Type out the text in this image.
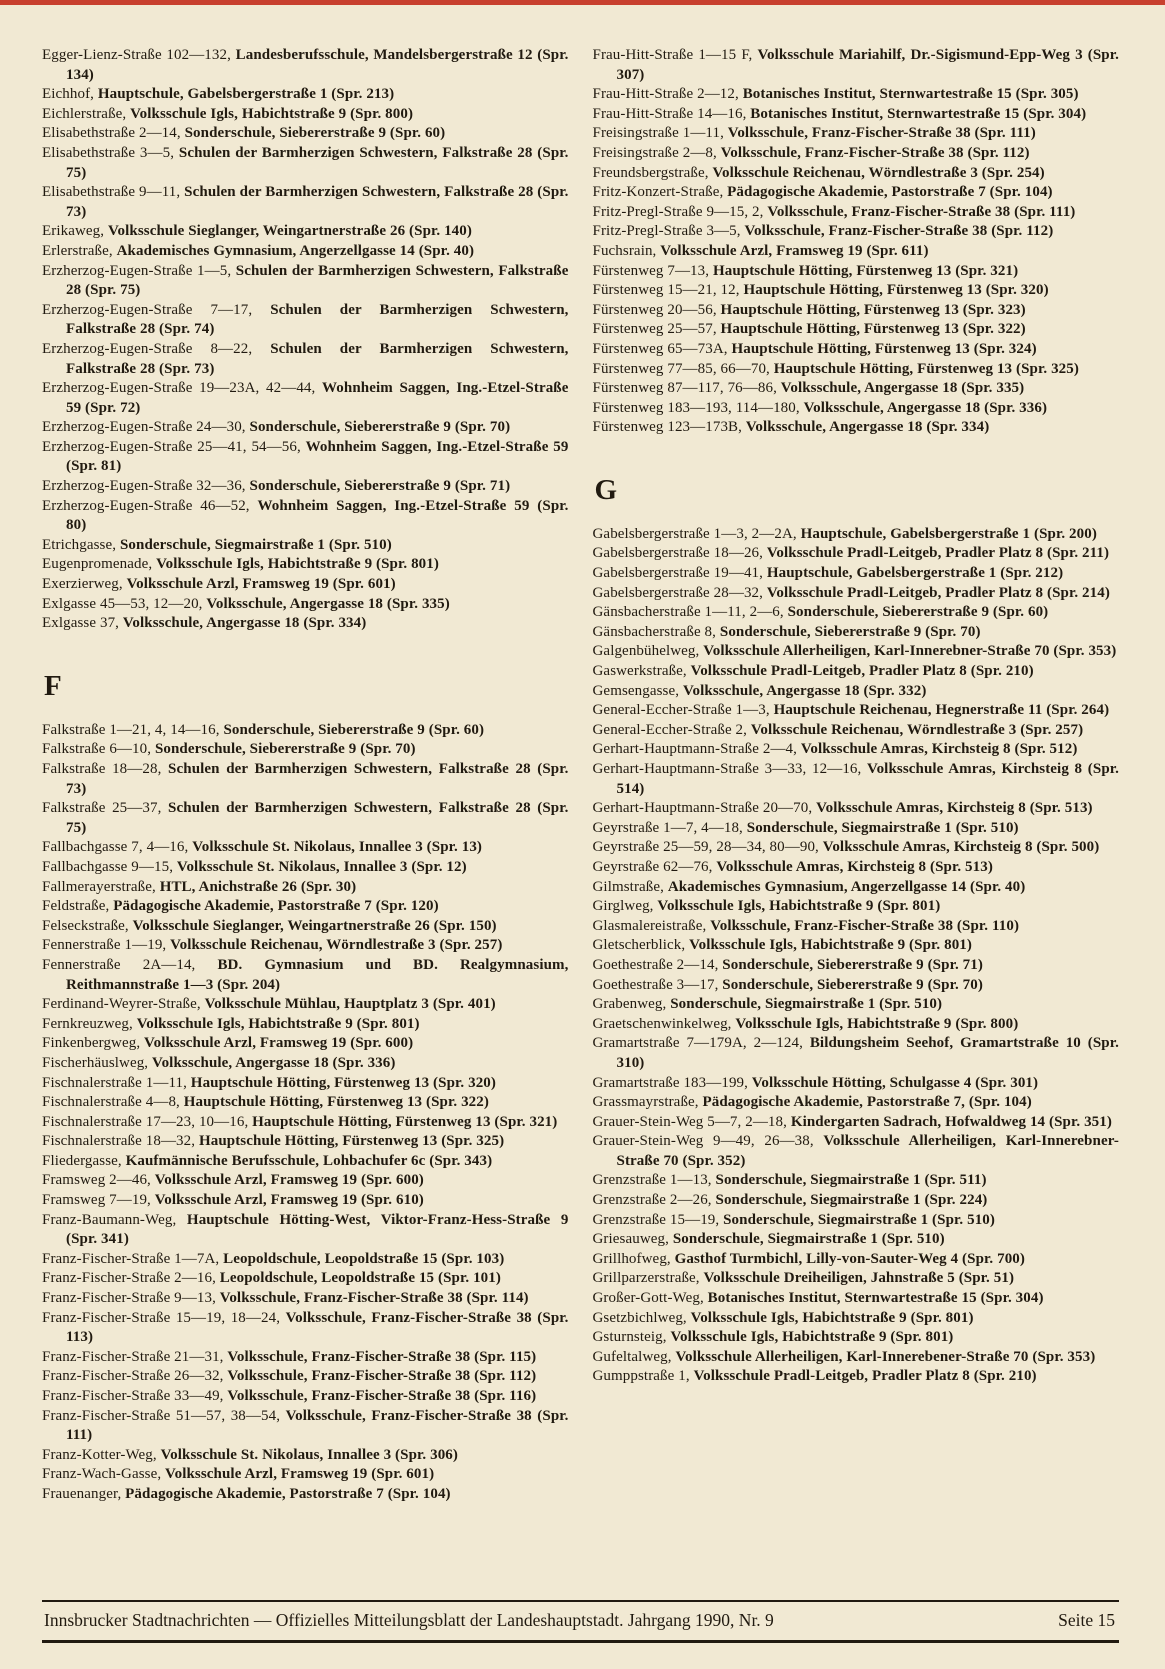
Egger-Lienz-Straße 102—132, Landesberufsschule, Mandelsbergerstraße 12 (Spr. 134)

Eichhof, Hauptschule, Gabelsbergerstraße 1 (Spr. 213)

Eichlerstraße, Volksschule Igls, Habichtstraße 9 (Spr. 800)

Elisabethstraße 2—14, Sonderschule, Siebererstraße 9 (Spr. 60)

Elisabethstraße 3—5, Schulen der Barmherzigen Schwestern, Falkstraße 28 (Spr. 75)

Elisabethstraße 9—11, Schulen der Barmherzigen Schwestern, Falkstraße 28 (Spr. 73)

Erikaweg, Volksschule Sieglanger, Weingartnerstraße 26 (Spr. 140)

Erlerstraße, Akademisches Gymnasium, Angerzellgasse 14 (Spr. 40)

Erzherzog-Eugen-Straße 1—5, Schulen der Barmherzigen Schwestern, Falkstraße 28 (Spr. 75)

Erzherzog-Eugen-Straße 7—17, Schulen der Barmherzigen Schwestern, Falkstraße 28 (Spr. 74)

Erzherzog-Eugen-Straße 8—22, Schulen der Barmherzigen Schwestern, Falkstraße 28 (Spr. 73)

Erzherzog-Eugen-Straße 19—23A, 42—44, Wohnheim Saggen, Ing.-Etzel-Straße 59 (Spr. 72)

Erzherzog-Eugen-Straße 24—30, Sonderschule, Siebererstraße 9 (Spr. 70)

Erzherzog-Eugen-Straße 25—41, 54—56, Wohnheim Saggen, Ing.-Etzel-Straße 59 (Spr. 81)

Erzherzog-Eugen-Straße 32—36, Sonderschule, Siebererstraße 9 (Spr. 71)

Erzherzog-Eugen-Straße 46—52, Wohnheim Saggen, Ing.-Etzel-Straße 59 (Spr. 80)

Etrichgasse, Sonderschule, Siegmairstraße 1 (Spr. 510)

Eugenpromenade, Volksschule Igls, Habichtstraße 9 (Spr. 801)

Exerzierweg, Volksschule Arzl, Framsweg 19 (Spr. 601)

Exlgasse 45—53, 12—20, Volksschule, Angergasse 18 (Spr. 335)

Exlgasse 37, Volksschule, Angergasse 18 (Spr. 334)

F

Falkstraße 1—21, 4, 14—16, Sonderschule, Siebererstraße 9 (Spr. 60)

Falkstraße 6—10, Sonderschule, Siebererstraße 9 (Spr. 70)

Falkstraße 18—28, Schulen der Barmherzigen Schwestern, Falkstraße 28 (Spr. 73)

Falkstraße 25—37, Schulen der Barmherzigen Schwestern, Falkstraße 28 (Spr. 75)

Fallbachgasse 7, 4—16, Volksschule St. Nikolaus, Innallee 3 (Spr. 13)

Fallbachgasse 9—15, Volksschule St. Nikolaus, Innallee 3 (Spr. 12)

Fallmerayerstraße, HTL, Anichstraße 26 (Spr. 30)

Feldstraße, Pädagogische Akademie, Pastorstraße 7 (Spr. 120)

Felseckstraße, Volksschule Sieglanger, Weingartnerstraße 26 (Spr. 150)

Fennerstraße 1—19, Volksschule Reichenau, Wörndlestraße 3 (Spr. 257)

Fennerstraße 2A—14, BD. Gymnasium und BD. Realgymnasium, Reithmannstraße 1—3 (Spr. 204)

Ferdinand-Weyrer-Straße, Volksschule Mühlau, Hauptplatz 3 (Spr. 401)

Fernkreuzweg, Volksschule Igls, Habichtstraße 9 (Spr. 801)

Finkenbergweg, Volksschule Arzl, Framsweg 19 (Spr. 600)

Fischerhäuslweg, Volksschule, Angergasse 18 (Spr. 336)

Fischnalerstraße 1—11, Hauptschule Hötting, Fürstenweg 13 (Spr. 320)

Fischnalerstraße 4—8, Hauptschule Hötting, Fürstenweg 13 (Spr. 322)

Fischnalerstraße 17—23, 10—16, Hauptschule Hötting, Fürstenweg 13 (Spr. 321)

Fischnalerstraße 18—32, Hauptschule Hötting, Fürstenweg 13 (Spr. 325)

Fliedergasse, Kaufmännische Berufsschule, Lohbachufer 6c (Spr. 343)

Framsweg 2—46, Volksschule Arzl, Framsweg 19 (Spr. 600)

Framsweg 7—19, Volksschule Arzl, Framsweg 19 (Spr. 610)

Franz-Baumann-Weg, Hauptschule Hötting-West, Viktor-Franz-Hess-Straße 9 (Spr. 341)

Franz-Fischer-Straße 1—7A, Leopoldschule, Leopoldstraße 15 (Spr. 103)

Franz-Fischer-Straße 2—16, Leopoldschule, Leopoldstraße 15 (Spr. 101)

Franz-Fischer-Straße 9—13, Volksschule, Franz-Fischer-Straße 38 (Spr. 114)

Franz-Fischer-Straße 15—19, 18—24, Volksschule, Franz-Fischer-Straße 38 (Spr. 113)

Franz-Fischer-Straße 21—31, Volksschule, Franz-Fischer-Straße 38 (Spr. 115)

Franz-Fischer-Straße 26—32, Volksschule, Franz-Fischer-Straße 38 (Spr. 112)

Franz-Fischer-Straße 33—49, Volksschule, Franz-Fischer-Straße 38 (Spr. 116)

Franz-Fischer-Straße 51—57, 38—54, Volksschule, Franz-Fischer-Straße 38 (Spr. 111)

Franz-Kotter-Weg, Volksschule St. Nikolaus, Innallee 3 (Spr. 306)

Franz-Wach-Gasse, Volksschule Arzl, Framsweg 19 (Spr. 601)

Frauenanger, Pädagogische Akademie, Pastorstraße 7 (Spr. 104)

Frau-Hitt-Straße 1—15 F, Volksschule Mariahilf, Dr.-Sigismund-Epp-Weg 3 (Spr. 307)

Frau-Hitt-Straße 2—12, Botanisches Institut, Sternwartestraße 15 (Spr. 305)

Frau-Hitt-Straße 14—16, Botanisches Institut, Sternwartestraße 15 (Spr. 304)

Freisingstraße 1—11, Volksschule, Franz-Fischer-Straße 38 (Spr. 111)

Freisingstraße 2—8, Volksschule, Franz-Fischer-Straße 38 (Spr. 112)

Freundsbergstraße, Volksschule Reichenau, Wörndlestraße 3 (Spr. 254)

Fritz-Konzert-Straße, Pädagogische Akademie, Pastorstraße 7 (Spr. 104)

Fritz-Pregl-Straße 9—15, 2, Volksschule, Franz-Fischer-Straße 38 (Spr. 111)

Fritz-Pregl-Straße 3—5, Volksschule, Franz-Fischer-Straße 38 (Spr. 112)

Fuchsrain, Volksschule Arzl, Framsweg 19 (Spr. 611)

Fürstenweg 7—13, Hauptschule Hötting, Fürstenweg 13 (Spr. 321)

Fürstenweg 15—21, 12, Hauptschule Hötting, Fürstenweg 13 (Spr. 320)

Fürstenweg 20—56, Hauptschule Hötting, Fürstenweg 13 (Spr. 323)

Fürstenweg 25—57, Hauptschule Hötting, Fürstenweg 13 (Spr. 322)

Fürstenweg 65—73A, Hauptschule Hötting, Fürstenweg 13 (Spr. 324)

Fürstenweg 77—85, 66—70, Hauptschule Hötting, Fürstenweg 13 (Spr. 325)

Fürstenweg 87—117, 76—86, Volksschule, Angergasse 18 (Spr. 335)

Fürstenweg 183—193, 114—180, Volksschule, Angergasse 18 (Spr. 336)

Fürstenweg 123—173B, Volksschule, Angergasse 18 (Spr. 334)

G

Gabelsbergerstraße 1—3, 2—2A, Hauptschule, Gabelsbergerstraße 1 (Spr. 200)

Gabelsbergerstraße 18—26, Volksschule Pradl-Leitgeb, Pradler Platz 8 (Spr. 211)

Gabelsbergerstraße 19—41, Hauptschule, Gabelsbergerstraße 1 (Spr. 212)

Gabelsbergerstraße 28—32, Volksschule Pradl-Leitgeb, Pradler Platz 8 (Spr. 214)

Gänsbacherstraße 1—11, 2—6, Sonderschule, Siebererstraße 9 (Spr. 60)

Gänsbacherstraße 8, Sonderschule, Siebererstraße 9 (Spr. 70)

Galgenbühelweg, Volksschule Allerheiligen, Karl-Innerebner-Straße 70 (Spr. 353)

Gaswerkstraße, Volksschule Pradl-Leitgeb, Pradler Platz 8 (Spr. 210)

Gemsengasse, Volksschule, Angergasse 18 (Spr. 332)

General-Eccher-Straße 1—3, Hauptschule Reichenau, Hegnerstraße 11 (Spr. 264)

General-Eccher-Straße 2, Volksschule Reichenau, Wörndlestraße 3 (Spr. 257)

Gerhart-Hauptmann-Straße 2—4, Volksschule Amras, Kirchsteig 8 (Spr. 512)

Gerhart-Hauptmann-Straße 3—33, 12—16, Volksschule Amras, Kirchsteig 8 (Spr. 514)

Gerhart-Hauptmann-Straße 20—70, Volksschule Amras, Kirchsteig 8 (Spr. 513)

Geyrstraße 1—7, 4—18, Sonderschule, Siegmairstraße 1 (Spr. 510)

Geyrstraße 25—59, 28—34, 80—90, Volksschule Amras, Kirchsteig 8 (Spr. 500)

Geyrstraße 62—76, Volksschule Amras, Kirchsteig 8 (Spr. 513)

Gilmstraße, Akademisches Gymnasium, Angerzellgasse 14 (Spr. 40)

Girglweg, Volksschule Igls, Habichtstraße 9 (Spr. 801)

Glasmalereistraße, Volksschule, Franz-Fischer-Straße 38 (Spr. 110)

Gletscherblick, Volksschule Igls, Habichtstraße 9 (Spr. 801)

Goethestraße 2—14, Sonderschule, Siebererstraße 9 (Spr. 71)

Goethestraße 3—17, Sonderschule, Siebererstraße 9 (Spr. 70)

Grabenweg, Sonderschule, Siegmairstraße 1 (Spr. 510)

Graetschenwinkelweg, Volksschule Igls, Habichtstraße 9 (Spr. 800)

Gramartstraße 7—179A, 2—124, Bildungsheim Seehof, Gramartstraße 10 (Spr. 310)

Gramartstraße 183—199, Volksschule Hötting, Schulgasse 4 (Spr. 301)

Grassmayrstraße, Pädagogische Akademie, Pastorstraße 7, (Spr. 104)

Grauer-Stein-Weg 5—7, 2—18, Kindergarten Sadrach, Hofwaldweg 14 (Spr. 351)

Grauer-Stein-Weg 9—49, 26—38, Volksschule Allerheiligen, Karl-Innerebner-Straße 70 (Spr. 352)

Grenzstraße 1—13, Sonderschule, Siegmairstraße 1 (Spr. 511)

Grenzstraße 2—26, Sonderschule, Siegmairstraße 1 (Spr. 224)

Grenzstraße 15—19, Sonderschule, Siegmairstraße 1 (Spr. 510)

Griesauweg, Sonderschule, Siegmairstraße 1 (Spr. 510)

Grillhofweg, Gasthof Turmbichl, Lilly-von-Sauter-Weg 4 (Spr. 700)

Grillparzerstraße, Volksschule Dreiheiligen, Jahnstraße 5 (Spr. 51)

Großer-Gott-Weg, Botanisches Institut, Sternwartestraße 15 (Spr. 304)

Gsetzbichlweg, Volksschule Igls, Habichtstraße 9 (Spr. 801)

Gsturnsteig, Volksschule Igls, Habichtstraße 9 (Spr. 801)

Gufeltalweg, Volksschule Allerheiligen, Karl-Innerebener-Straße 70 (Spr. 353)

Gumppstraße 1, Volksschule Pradl-Leitgeb, Pradler Platz 8 (Spr. 210)

Innsbrucker Stadtnachrichten — Offizielles Mitteilungsblatt der Landeshauptstadt. Jahrgang 1990, Nr. 9	Seite 15
